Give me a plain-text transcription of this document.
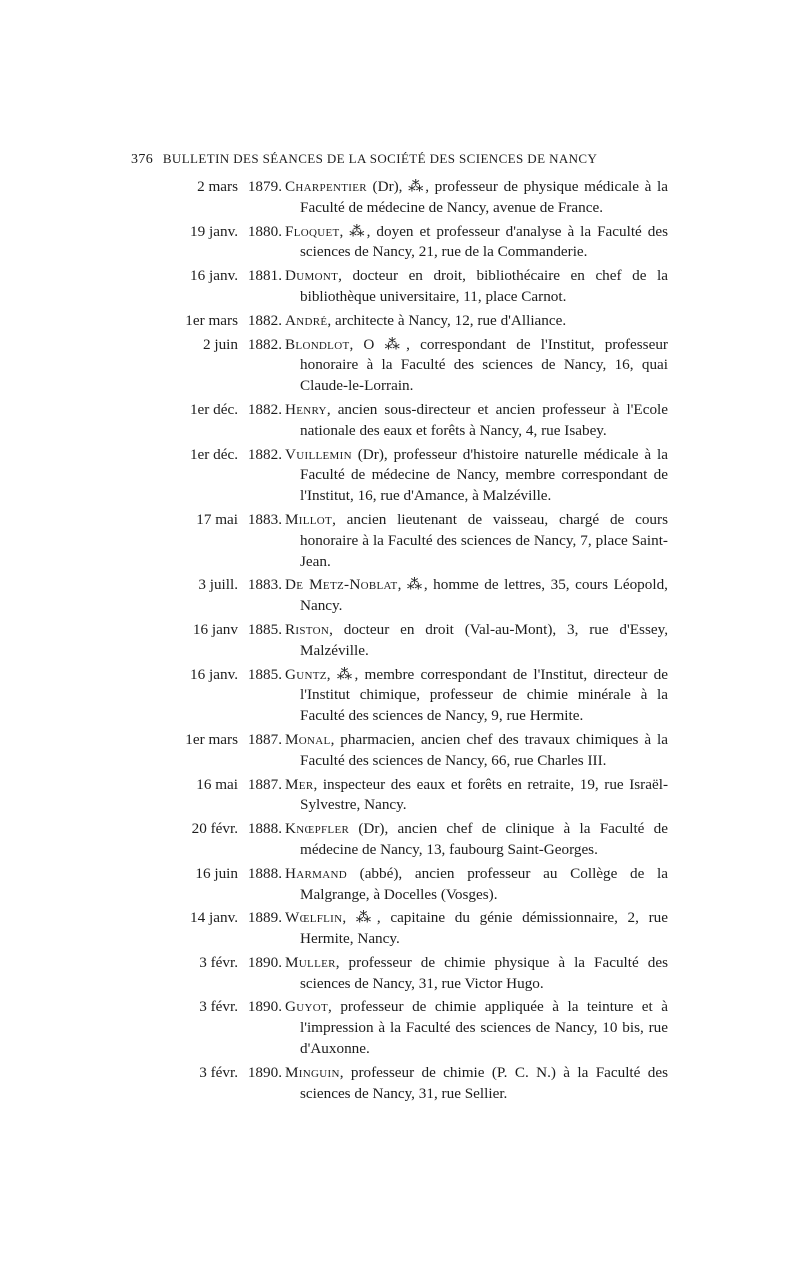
376 BULLETIN DES SÉANCES DE LA SOCIÉTÉ DES SCIENCES DE NANCY
2 mars 1879. Charpentier (Dr), ⁂, professeur de physique médicale à la Faculté de médecine de Nancy, avenue de France.
19 janv. 1880. Floquet, ⁂, doyen et professeur d'analyse à la Faculté des sciences de Nancy, 21, rue de la Commanderie.
16 janv. 1881. Dumont, docteur en droit, bibliothécaire en chef de la bibliothèque universitaire, 11, place Carnot.
1er mars 1882. André, architecte à Nancy, 12, rue d'Alliance.
2 juin 1882. Blondlot, O ⁂, correspondant de l'Institut, professeur honoraire à la Faculté des sciences de Nancy, 16, quai Claude-le-Lorrain.
1er déc. 1882. Henry, ancien sous-directeur et ancien professeur à l'Ecole nationale des eaux et forêts à Nancy, 4, rue Isabey.
1er déc. 1882. Vuillemin (Dr), professeur d'histoire naturelle médicale à la Faculté de médecine de Nancy, membre correspondant de l'Institut, 16, rue d'Amance, à Malzéville.
17 mai 1883. Millot, ancien lieutenant de vaisseau, chargé de cours honoraire à la Faculté des sciences de Nancy, 7, place Saint-Jean.
3 juill. 1883. De Metz-Noblat, ⁂, homme de lettres, 35, cours Léopold, Nancy.
16 janv 1885. Riston, docteur en droit (Val-au-Mont), 3, rue d'Essey, Malzéville.
16 janv. 1885. Guntz, ⁂, membre correspondant de l'Institut, directeur de l'Institut chimique, professeur de chimie minérale à la Faculté des sciences de Nancy, 9, rue Hermite.
1er mars 1887. Monal, pharmacien, ancien chef des travaux chimiques à la Faculté des sciences de Nancy, 66, rue Charles III.
16 mai 1887. Mer, inspecteur des eaux et forêts en retraite, 19, rue Israël-Sylvestre, Nancy.
20 févr. 1888. Knœpfler (Dr), ancien chef de clinique à la Faculté de médecine de Nancy, 13, faubourg Saint-Georges.
16 juin 1888. Harmand (abbé), ancien professeur au Collège de la Malgrange, à Docelles (Vosges).
14 janv. 1889. Wœlflin, ⁂, capitaine du génie démissionnaire, 2, rue Hermite, Nancy.
3 févr. 1890. Muller, professeur de chimie physique à la Faculté des sciences de Nancy, 31, rue Victor Hugo.
3 févr. 1890. Guyot, professeur de chimie appliquée à la teinture et à l'impression à la Faculté des sciences de Nancy, 10 bis, rue d'Auxonne.
3 févr. 1890. Minguin, professeur de chimie (P. C. N.) à la Faculté des sciences de Nancy, 31, rue Sellier.
